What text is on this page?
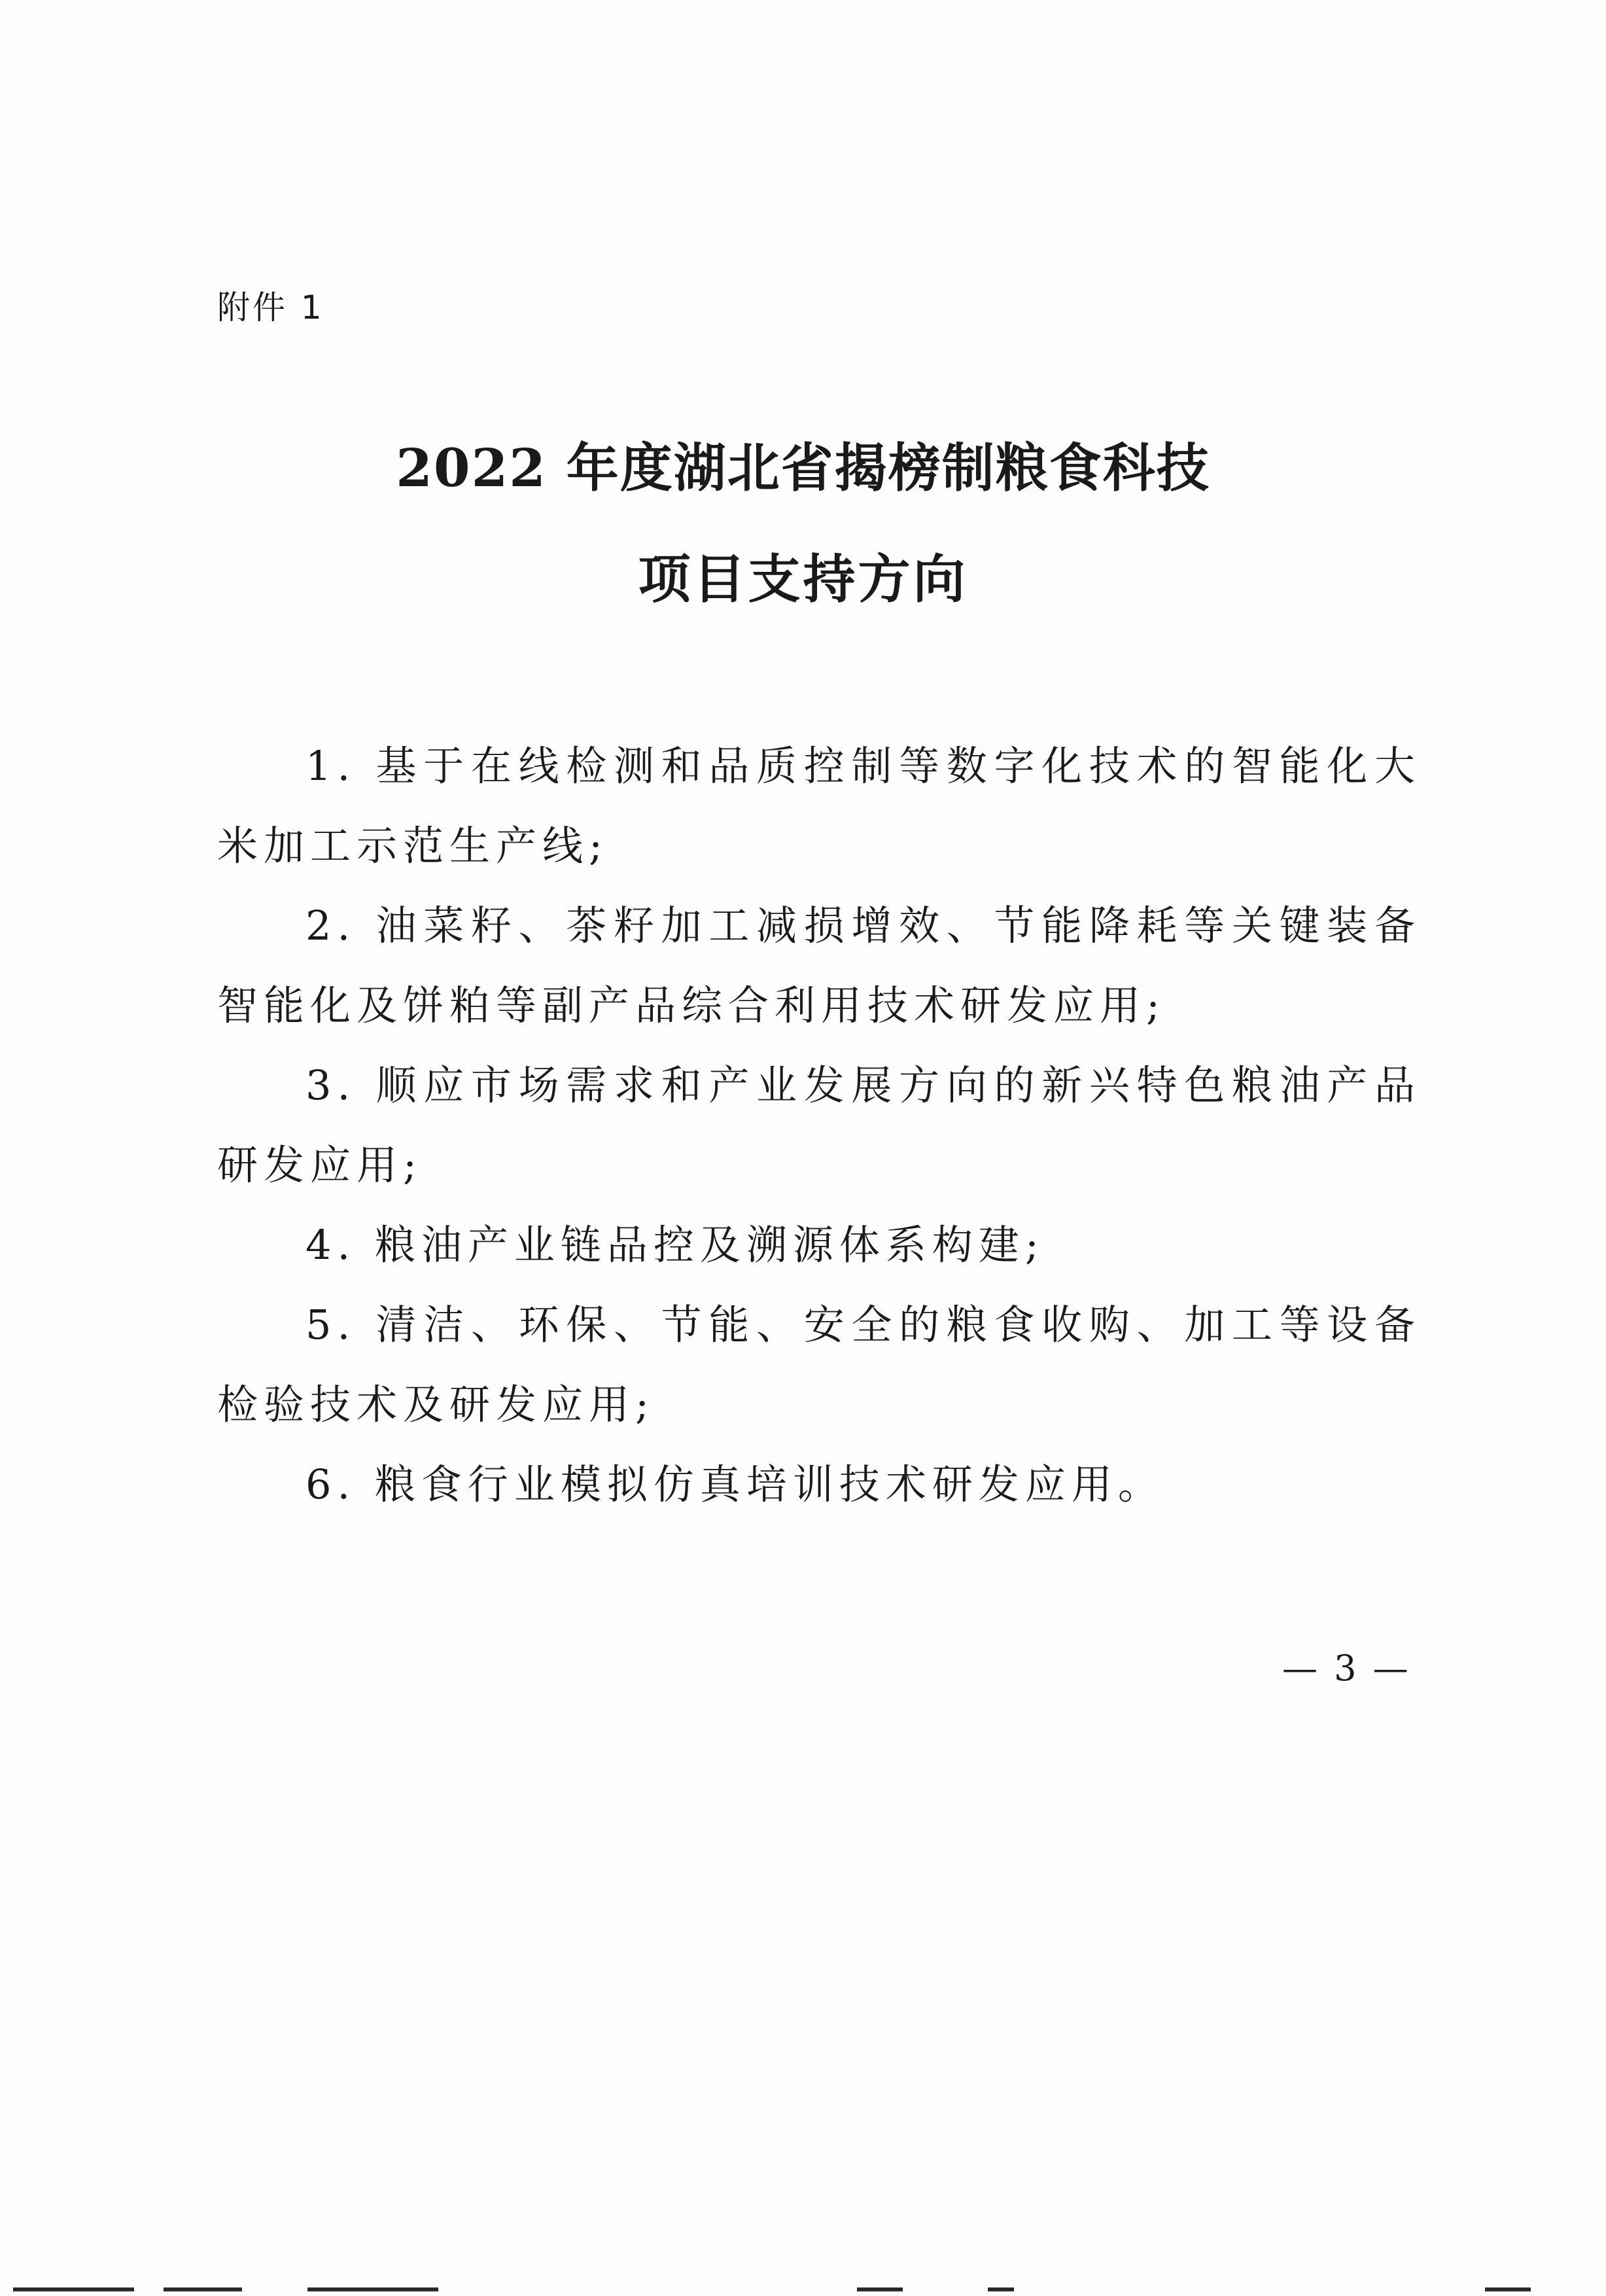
附件 1
2022 年度湖北省揭榜制粮食科技
项目支持方向
1. 基于在线检测和品质控制等数字化技术的智能化大米加工示范生产线;
2. 油菜籽、茶籽加工减损增效、节能降耗等关键装备智能化及饼粕等副产品综合利用技术研发应用;
3. 顺应市场需求和产业发展方向的新兴特色粮油产品研发应用;
4. 粮油产业链品控及溯源体系构建;
5. 清洁、环保、节能、安全的粮食收购、加工等设备检验技术及研发应用;
6. 粮食行业模拟仿真培训技术研发应用。
— 3 —
